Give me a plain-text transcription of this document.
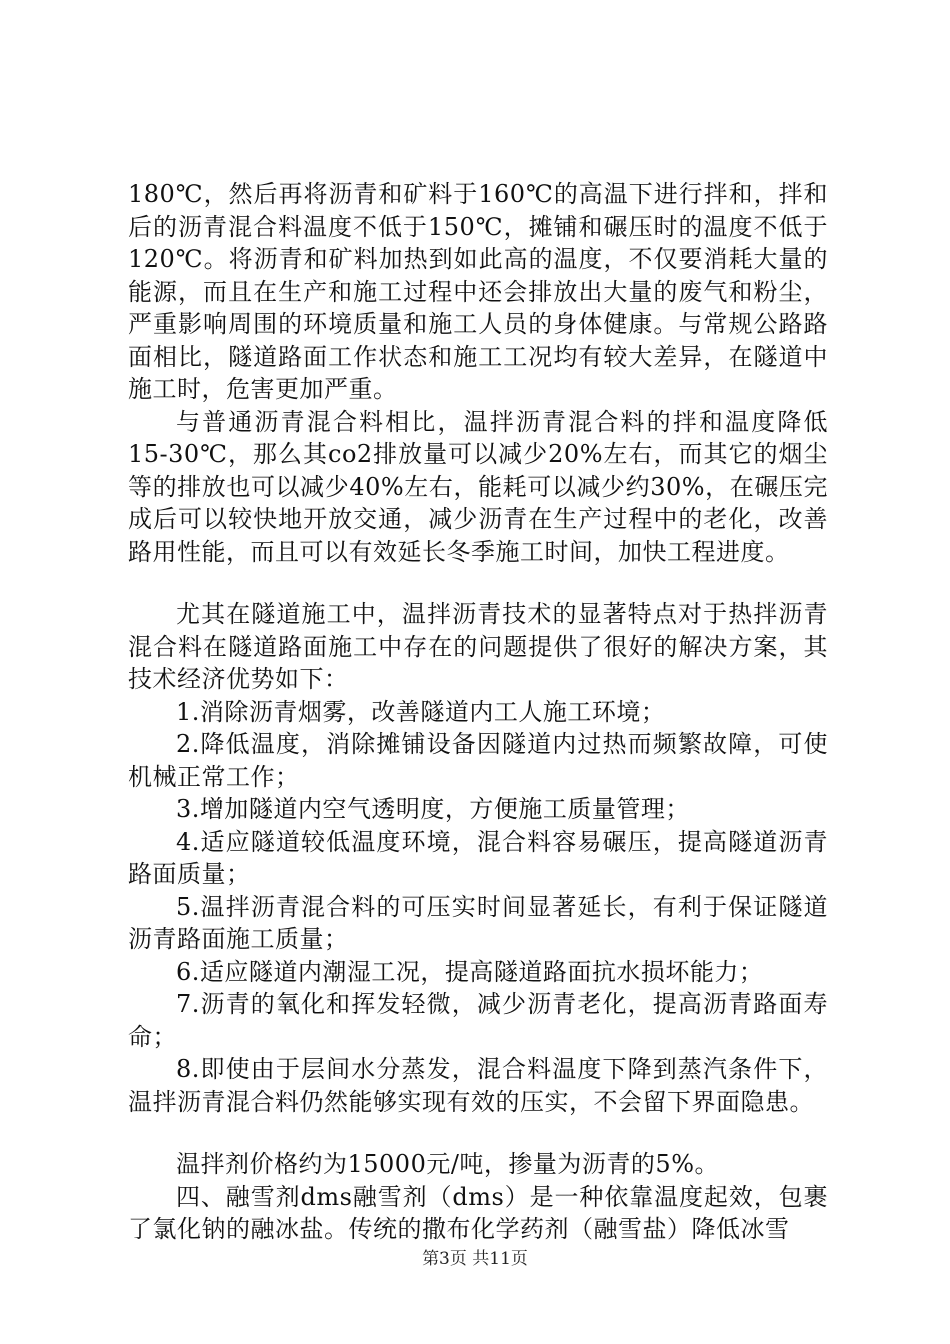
180℃，然后再将沥青和矿料于160℃的高温下进行拌和，拌和后的沥青混合料温度不低于150℃，摊铺和碾压时的温度不低于120℃。将沥青和矿料加热到如此高的温度，不仅要消耗大量的能源，而且在生产和施工过程中还会排放出大量的废气和粉尘，严重影响周围的环境质量和施工人员的身体健康。与常规公路路面相比，隧道路面工作状态和施工工况均有较大差异，在隧道中施工时，危害更加严重。

与普通沥青混合料相比，温拌沥青混合料的拌和温度降低15-30℃，那么其co2排放量可以减少20%左右，而其它的烟尘等的排放也可以减少40%左右，能耗可以减少约30%，在碾压完成后可以较快地开放交通，减少沥青在生产过程中的老化，改善路用性能，而且可以有效延长冬季施工时间，加快工程进度。

尤其在隧道施工中，温拌沥青技术的显著特点对于热拌沥青混合料在隧道路面施工中存在的问题提供了很好的解决方案，其技术经济优势如下：

1.消除沥青烟雾，改善隧道内工人施工环境；

2.降低温度，消除摊铺设备因隧道内过热而频繁故障，可使机械正常工作；

3.增加隧道内空气透明度，方便施工质量管理；

4.适应隧道较低温度环境，混合料容易碾压，提高隧道沥青路面质量；

5.温拌沥青混合料的可压实时间显著延长，有利于保证隧道沥青路面施工质量；

6.适应隧道内潮湿工况，提高隧道路面抗水损坏能力；

7.沥青的氧化和挥发轻微，减少沥青老化，提高沥青路面寿命；

8.即使由于层间水分蒸发，混合料温度下降到蒸汽条件下，温拌沥青混合料仍然能够实现有效的压实，不会留下界面隐患。

温拌剂价格约为15000元/吨，掺量为沥青的5%。

四、融雪剂dms融雪剂（dms）是一种依靠温度起效，包裹了氯化钠的融冰盐。传统的撒布化学药剂（融雪盐）降低冰雪

第3页 共11页
